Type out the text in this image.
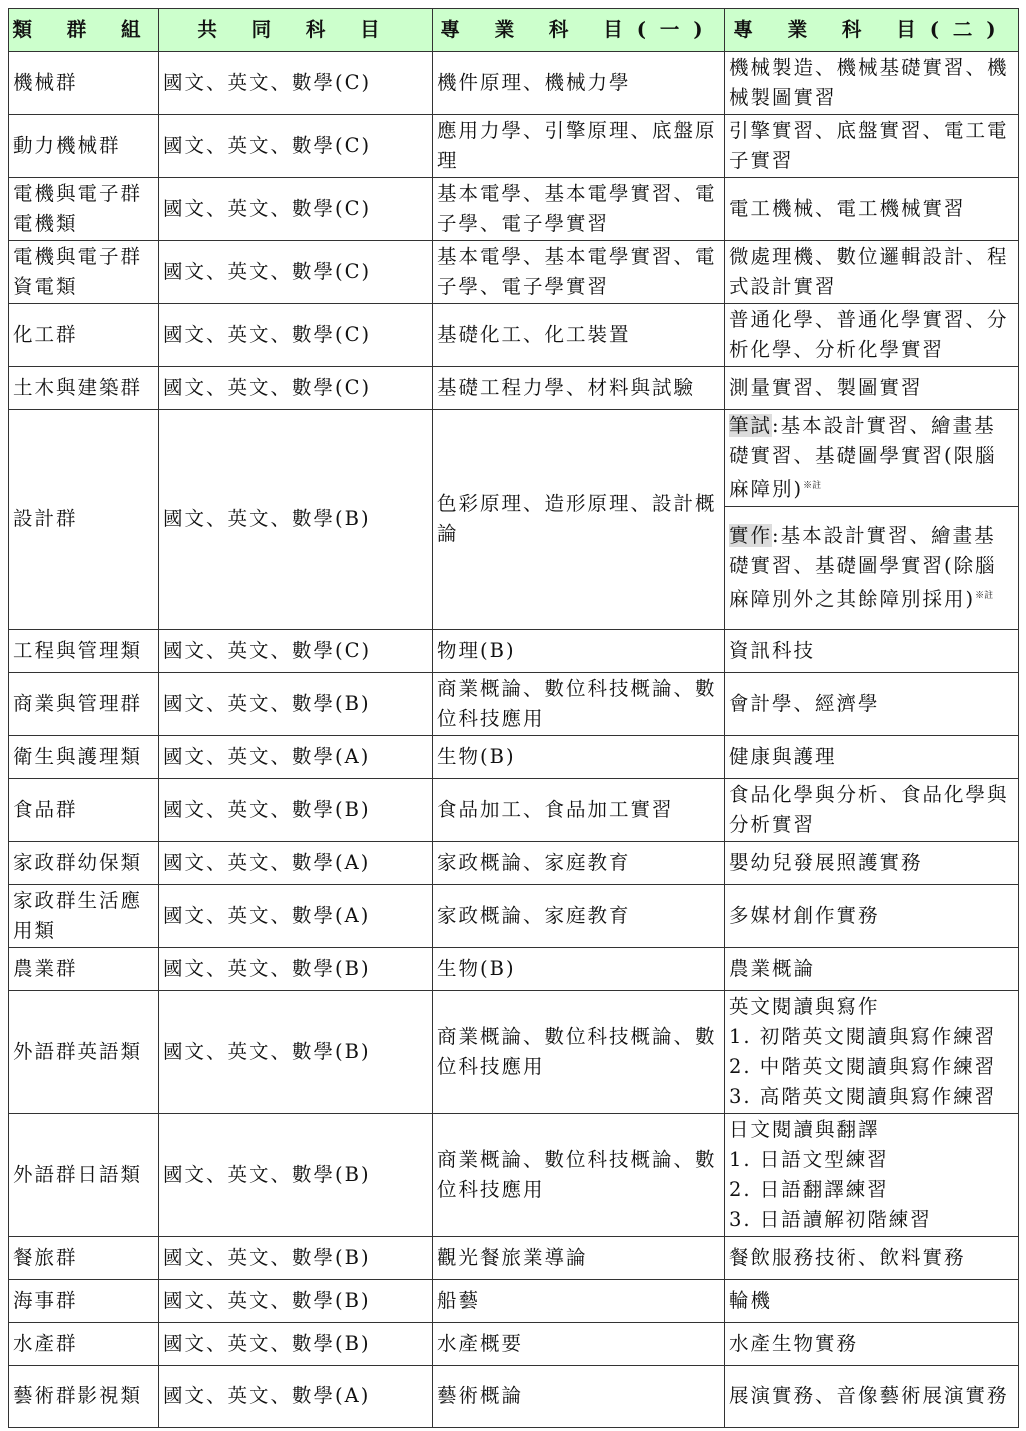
類 群 組	共 同 科 目	專 業 科 目(一)	專 業 科 目(二)
機械群	國文、英文、數學(C)	機件原理、機械力學	機械製造、機械基礎實習、機械製圖實習
動力機械群	國文、英文、數學(C)	應用力學、引擎原理、底盤原理	引擎實習、底盤實習、電工電子實習
電機與電子群電機類	國文、英文、數學(C)	基本電學、基本電學實習、電子學、電子學實習	電工機械、電工機械實習
電機與電子群資電類	國文、英文、數學(C)	基本電學、基本電學實習、電子學、電子學實習	微處理機、數位邏輯設計、程式設計實習
化工群	國文、英文、數學(C)	基礎化工、化工裝置	普通化學、普通化學實習、分析化學、分析化學實習
土木與建築群	國文、英文、數學(C)	基礎工程力學、材料與試驗	測量實習、製圖實習
設計群	國文、英文、數學(B)	色彩原理、造形原理、設計概論	筆試:基本設計實習、繪畫基礎實習、基礎圖學實習(限腦麻障別)$^{※註}$
			實作:基本設計實習、繪畫基礎實習、基礎圖學實習(除腦麻障別外之其餘障別採用)$^{※註}$
工程與管理類	國文、英文、數學(C)	物理(B)	資訊科技
商業與管理群	國文、英文、數學(B)	商業概論、數位科技概論、數位科技應用	會計學、經濟學
衛生與護理類	國文、英文、數學(A)	生物(B)	健康與護理
食品群	國文、英文、數學(B)	食品加工、食品加工實習	食品化學與分析、食品化學與分析實習
家政群幼保類	國文、英文、數學(A)	家政概論、家庭教育	嬰幼兒發展照護實務
家政群生活應用類	國文、英文、數學(A)	家政概論、家庭教育	多媒材創作實務
農業群	國文、英文、數學(B)	生物(B)	農業概論
外語群英語類	國文、英文、數學(B)	商業概論、數位科技概論、數位科技應用	英文閱讀與寫作
1. 初階英文閱讀與寫作練習
2. 中階英文閱讀與寫作練習
3. 高階英文閱讀與寫作練習

外語群日語類	國文、英文、數學(B)	商業概論、數位科技概論、數位科技應用	日文閱讀與翻譯
1. 日語文型練習
2. 日語翻譯練習
3. 日語讀解初階練習

餐旅群	國文、英文、數學(B)	觀光餐旅業導論	餐飲服務技術、飲料實務
海事群	國文、英文、數學(B)	船藝	輪機
水產群	國文、英文、數學(B)	水產概要	水產生物實務
藝術群影視類	國文、英文、數學(A)	藝術概論	展演實務、音像藝術展演實務
